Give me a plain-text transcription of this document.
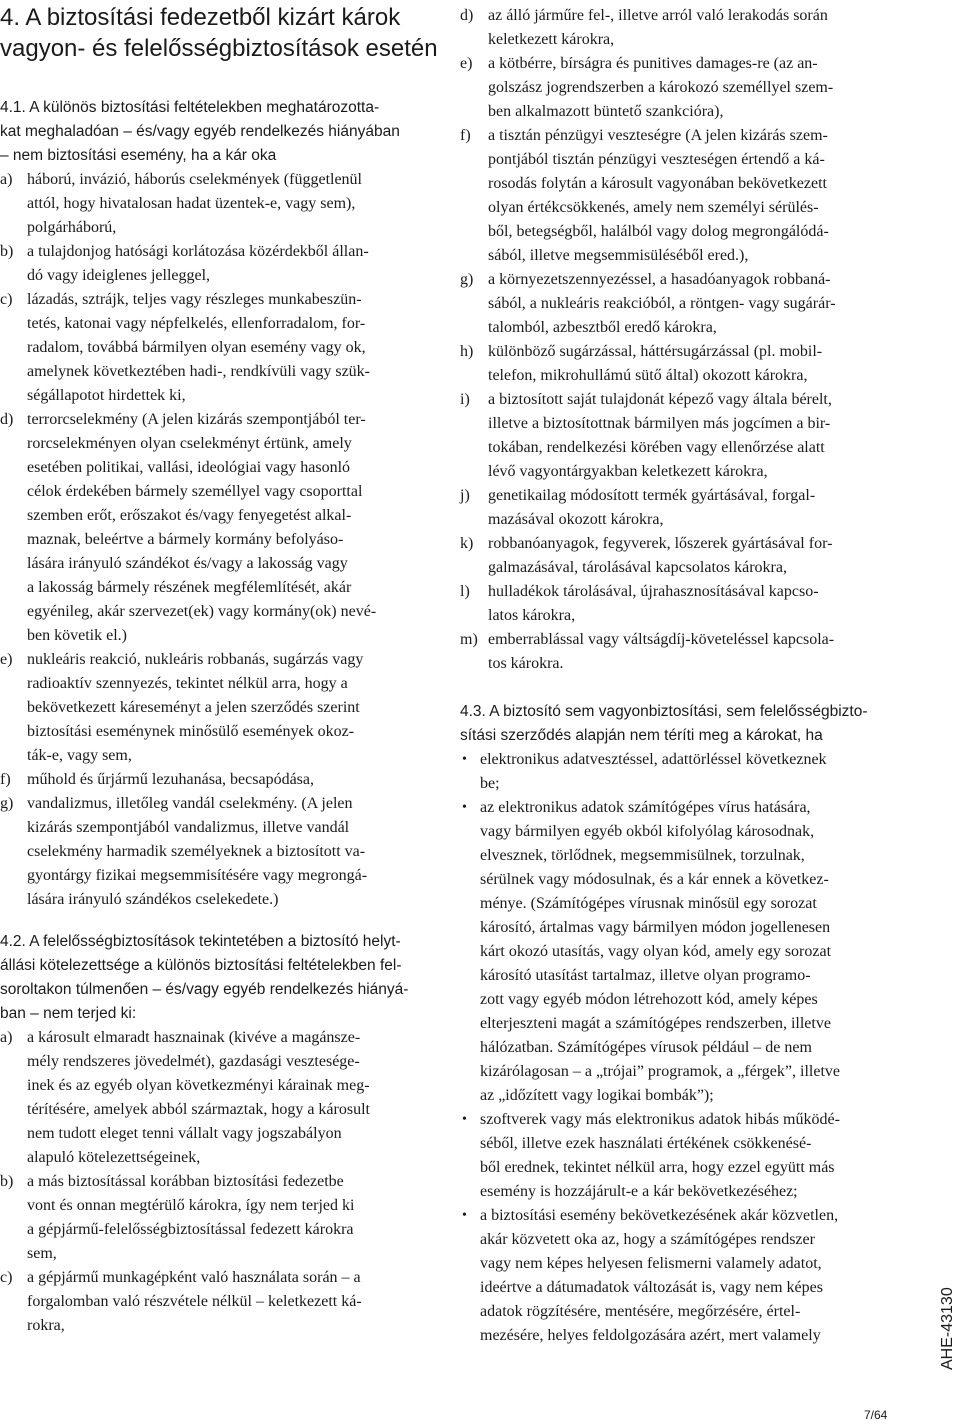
4. A biztosítási fedezetből kizárt károk
vagyon- és felelősségbiztosítások esetén
4.1. A különös biztosítási feltételekben meghatározotta-
kat meghaladóan – és/vagy egyéb rendelkezés hiányában
– nem biztosítási esemény, ha a kár oka
a) háború, invázió, háborús cselekmények (függetlenül
attól, hogy hivatalosan hadat üzentek-e, vagy sem),
polgárháború,
b) a tulajdonjog hatósági korlátozása közérdekből állan-
dó vagy ideiglenes jelleggel,
c) lázadás, sztrájk, teljes vagy részleges munkabeszün-
tetés, katonai vagy népfelkelés, ellenforradalom, for-
radalom, továbbá bármilyen olyan esemény vagy ok,
amelynek következtében hadi-, rendkívüli vagy szük-
ségállapotot hirdettek ki,
d) terrorcselekmény (A jelen kizárás szempontjából ter-
rorcselekményen olyan cselekményt értünk, amely
esetében politikai, vallási, ideológiai vagy hasonló
célok érdekében bármely személlyel vagy csoporttal
szemben erőt, erőszakot és/vagy fenyegetést alkal-
maznak, beleértve a bármely kormány befolyáso-
lására irányuló szándékot és/vagy a lakosság vagy
a lakosság bármely részének megfélemlítését, akár
egyénileg, akár szervezet(ek) vagy kormány(ok) nevé-
ben követik el.)
e) nukleáris reakció, nukleáris robbanás, sugárzás vagy
radioaktív szennyezés, tekintet nélkül arra, hogy a
bekövetkezett káreseményt a jelen szerződés szerint
biztosítási eseménynek minősülő események okoz-
ták-e, vagy sem,
f)	műhold és űrjármű lezuhanása, becsapódása,
g) vandalizmus, illetőleg vandál cselekmény. (A jelen
kizárás szempontjából vandalizmus, illetve vandál
cselekmény harmadik személyeknek a biztosított va-
gyontárgy fizikai megsemmisítésére vagy megrongá-
lására irányuló szándékos cselekedete.)
4.2. A felelősségbiztosítások tekintetében a biztosító helyt-
állási kötelezettsége a különös biztosítási feltételekben fel-
soroltakon túlmenően – és/vagy egyéb rendelkezés hiányá-
ban – nem terjed ki:
a) a károsult elmaradt hasznainak (kivéve a magánsze-
mély rendszeres jövedelmét), gazdasági vesztesége-
inek és az egyéb olyan következményi kárainak meg-
térítésére, amelyek abból származtak, hogy a károsult
nem tudott eleget tenni vállalt vagy jogszabályon
alapuló kötelezettségeinek,
b) a más biztosítással korábban biztosítási fedezetbe
vont és onnan megtérülő károkra, így nem terjed ki
a gépjármű-felelősségbiztosítással fedezett károkra
sem,
c) a gépjármű munkagépként való használata során – a
forgalomban való részvétele nélkül – keletkezett ká-
rokra,
d) az álló járműre fel-, illetve arról való lerakodás során
keletkezett károkra,
e) a kötbérre, bírságra és punitives damages-re (az an-
golszász jogrendszerben a károkozó személlyel szem-
ben alkalmazott büntető szankcióra),
f)	a tisztán pénzügyi veszteségre (A jelen kizárás szem-
pontjából tisztán pénzügyi veszteségen értendő a ká-
rosodás folytán a károsult vagyonában bekövetkezett
olyan értékcsökkenés, amely nem személyi sérülés-
ből, betegségből, halálból vagy dolog megrongálódá-
sából, illetve megsemmisüléséből ered.),
g) a környezetszennyezéssel, a hasadóanyagok robbaná-
sából, a nukleáris reakcióból, a röntgen- vagy sugárár-
talomból, azbesztből eredő károkra,
h) különböző sugárzással, háttérsugárzással (pl. mobil-
telefon, mikrohullámú sütő által) okozott károkra,
i)	a biztosított saját tulajdonát képező vagy általa bérelt,
illetve a biztosítottnak bármilyen más jogcímen a bir-
tokában, rendelkezési körében vagy ellenőrzése alatt
lévő vagyontárgyakban keletkezett károkra,
j)	genetikailag módosított termék gyártásával, forgal-
mazásával okozott károkra,
k) robbanóanyagok, fegyverek, lőszerek gyártásával for-
galmazásával, tárolásával kapcsolatos károkra,
l)	hulladékok tárolásával, újrahasznosításával kapcso-
latos károkra,
m) emberrablással vagy váltságdíj-követeléssel kapcsola-
tos károkra.
4.3. A biztosító sem vagyonbiztosítási, sem felelősségbizto-
sítási szerződés alapján nem téríti meg a károkat, ha
• elektronikus adatvesztéssel, adattörléssel következnek
be;
• az elektronikus adatok számítógépes vírus hatására,
vagy bármilyen egyéb okból kifolyólag károsodnak,
elvesznek, törlődnek, megsemmisülnek, torzulnak,
sérülnek vagy módosulnak, és a kár ennek a következ-
ménye. (Számítógépes vírusnak minősül egy sorozat
károsító, ártalmas vagy bármilyen módon jogellenesen
kárt okozó utasítás, vagy olyan kód, amely egy sorozat
károsító utasítást tartalmaz, illetve olyan programo-
zott vagy egyéb módon létrehozott kód, amely képes
elterjeszteni magát a számítógépes rendszerben, illetve
hálózatban. Számítógépes vírusok például – de nem
kizárólagosan – a „trójai” programok, a „férgek”, illetve
az „időzített vagy logikai bombák”);
• szoftverek vagy más elektronikus adatok hibás működé-
séből, illetve ezek használati értékének csökkenésé-
ből erednek, tekintet nélkül arra, hogy ezzel együtt más
esemény is hozzájárult-e a kár bekövetkezéséhez;
• a biztosítási esemény bekövetkezésének akár közvetlen,
akár közvetett oka az, hogy a számítógépes rendszer
vagy nem képes helyesen felismerni valamely adatot,
ideértve a dátumadatok változását is, vagy nem képes
adatok rögzítésére, mentésére, megőrzésére, értel-
mezésére, helyes feldolgozására azért, mert valamely	AHE-43130
7/64
